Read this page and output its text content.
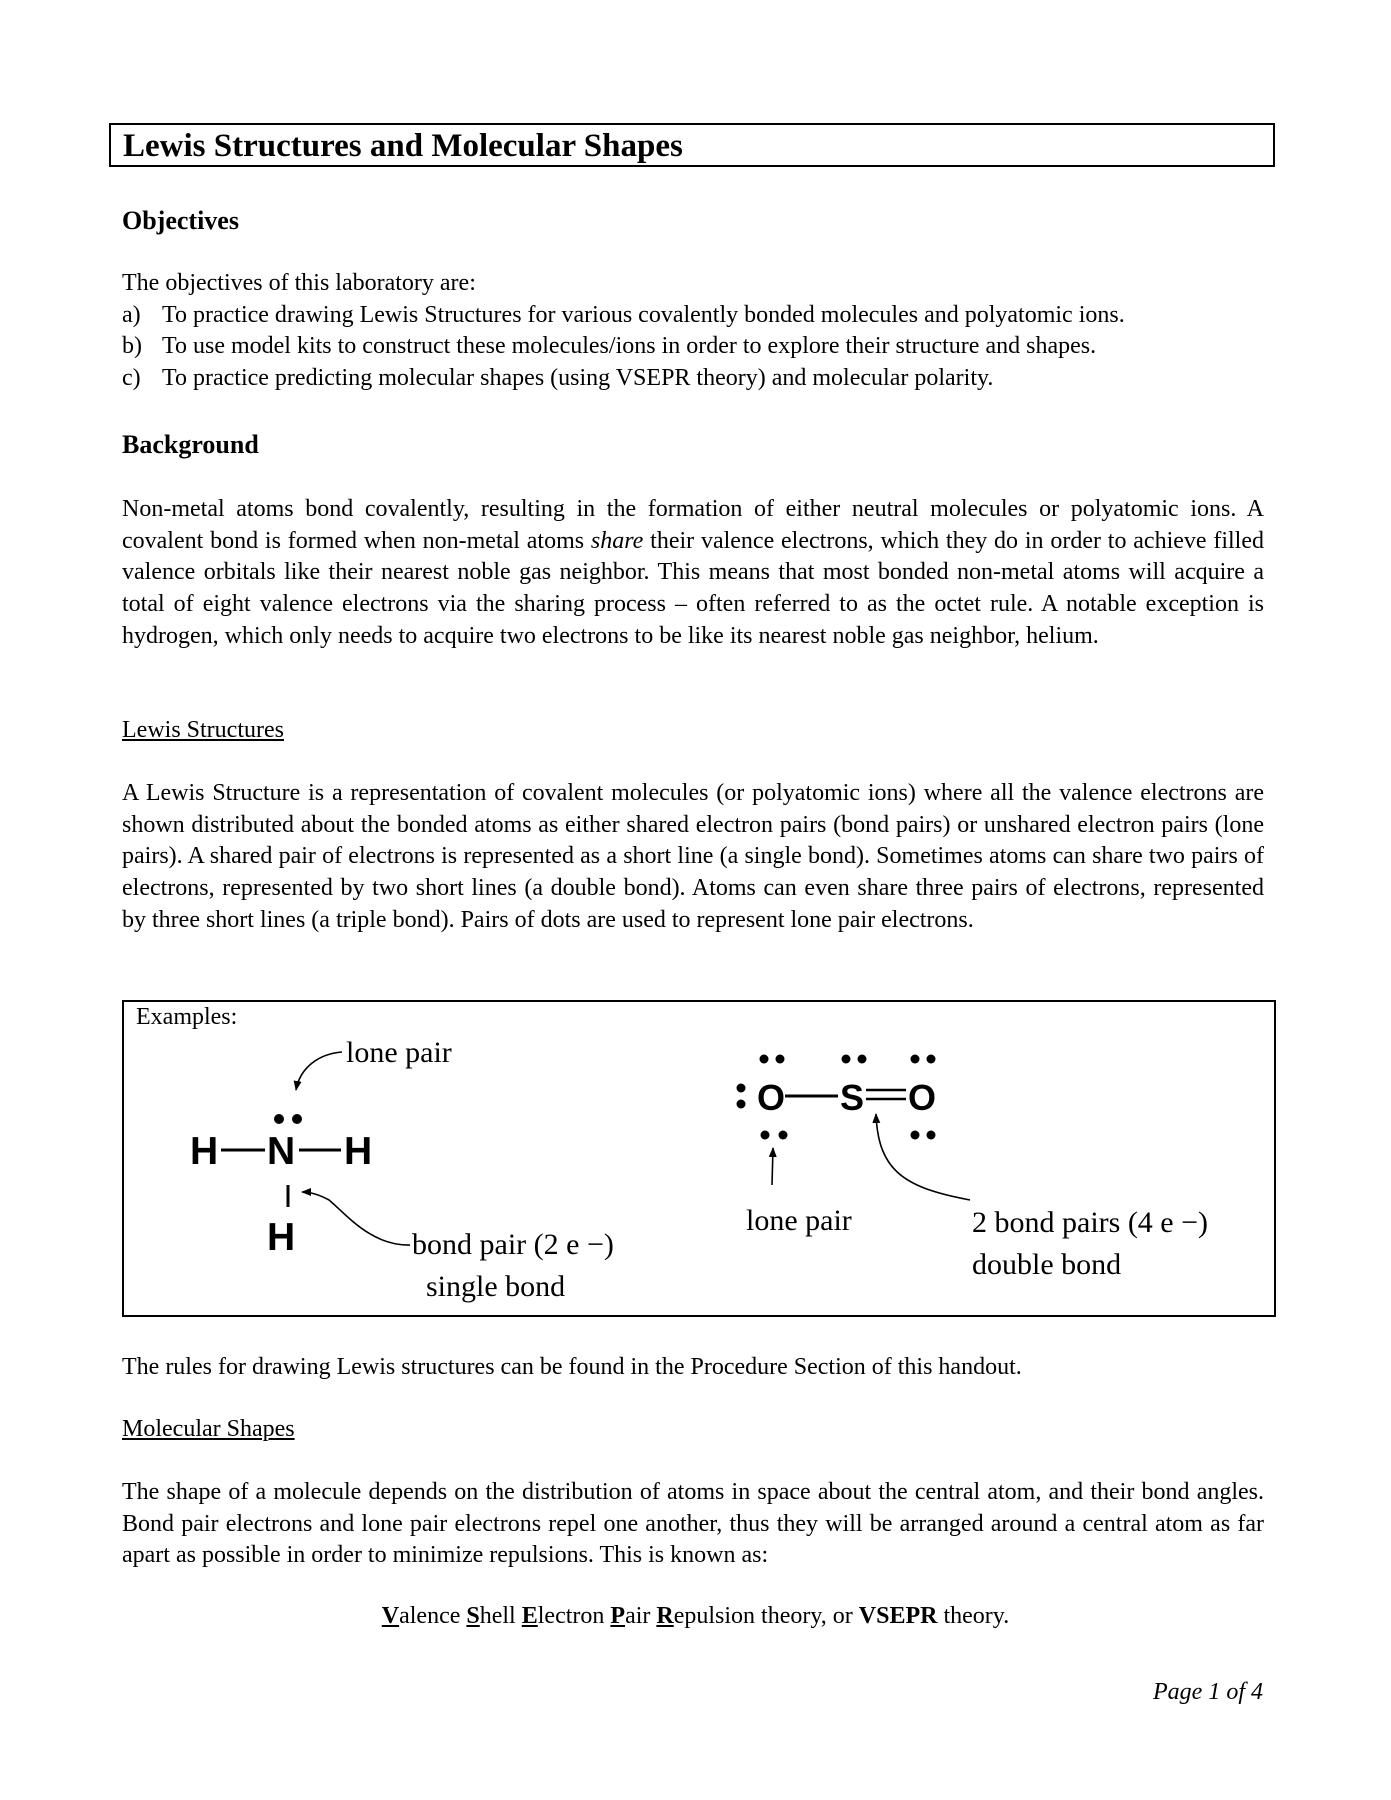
Lewis Structures and Molecular Shapes
Objectives
The objectives of this laboratory are:
a) To practice drawing Lewis Structures for various covalently bonded molecules and polyatomic ions.
b) To use model kits to construct these molecules/ions in order to explore their structure and shapes.
c) To practice predicting molecular shapes (using VSEPR theory) and molecular polarity.
Background
Non-metal atoms bond covalently, resulting in the formation of either neutral molecules or polyatomic ions. A covalent bond is formed when non-metal atoms share their valence electrons, which they do in order to achieve filled valence orbitals like their nearest noble gas neighbor. This means that most bonded non-metal atoms will acquire a total of eight valence electrons via the sharing process – often referred to as the octet rule. A notable exception is hydrogen, which only needs to acquire two electrons to be like its nearest noble gas neighbor, helium.
Lewis Structures
A Lewis Structure is a representation of covalent molecules (or polyatomic ions) where all the valence electrons are shown distributed about the bonded atoms as either shared electron pairs (bond pairs) or unshared electron pairs (lone pairs). A shared pair of electrons is represented as a short line (a single bond). Sometimes atoms can share two pairs of electrons, represented by two short lines (a double bond). Atoms can even share three pairs of electrons, represented by three short lines (a triple bond). Pairs of dots are used to represent lone pair electrons.
Examples:
H N H
H
lone pair
bond pair (2 e −)
single bond
O S O
lone pair	2 bond pairs (4 e −)
double bond
The rules for drawing Lewis structures can be found in the Procedure Section of this handout.
Molecular Shapes
The shape of a molecule depends on the distribution of atoms in space about the central atom, and their bond angles. Bond pair electrons and lone pair electrons repel one another, thus they will be arranged around a central atom as far apart as possible in order to minimize repulsions. This is known as:
Valence Shell Electron Pair Repulsion theory, or VSEPR theory.
Page 1 of 4
